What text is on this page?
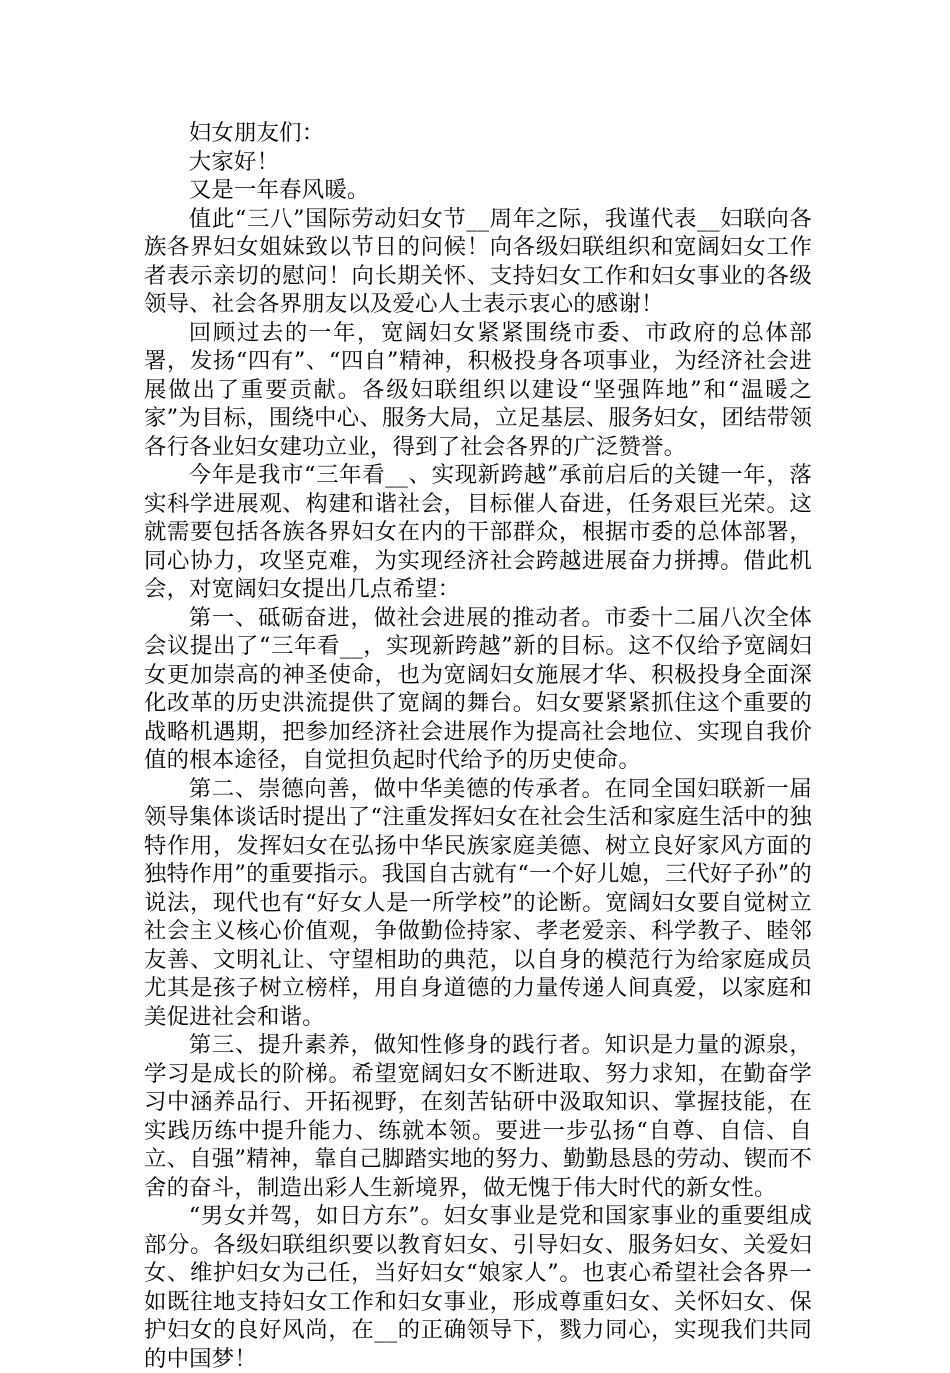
妇女朋友们：

大家好！

又是一年春风暖。

值此“三八”国际劳动妇女节__周年之际，我谨代表__妇联向各族各界妇女姐妹致以节日的问候！向各级妇联组织和宽阔妇女工作者表示亲切的慰问！向长期关怀、支持妇女工作和妇女事业的各级领导、社会各界朋友以及爱心人士表示衷心的感谢！

回顾过去的一年，宽阔妇女紧紧围绕市委、市政府的总体部署，发扬“四有”、“四自”精神，积极投身各项事业，为经济社会进展做出了重要贡献。各级妇联组织以建设“坚强阵地”和“温暖之家”为目标，围绕中心、服务大局，立足基层、服务妇女，团结带领各行各业妇女建功立业，得到了社会各界的广泛赞誉。

今年是我市“三年看__、实现新跨越”承前启后的关键一年，落实科学进展观、构建和谐社会，目标催人奋进，任务艰巨光荣。这就需要包括各族各界妇女在内的干部群众，根据市委的总体部署，同心协力，攻坚克难，为实现经济社会跨越进展奋力拼搏。借此机会，对宽阔妇女提出几点希望：

第一、砥砺奋进，做社会进展的推动者。市委十二届八次全体会议提出了“三年看__，实现新跨越”新的目标。这不仅给予宽阔妇女更加崇高的神圣使命，也为宽阔妇女施展才华、积极投身全面深化改革的历史洪流提供了宽阔的舞台。妇女要紧紧抓住这个重要的战略机遇期，把参加经济社会进展作为提高社会地位、实现自我价值的根本途径，自觉担负起时代给予的历史使命。

第二、崇德向善，做中华美德的传承者。在同全国妇联新一届领导集体谈话时提出了“注重发挥妇女在社会生活和家庭生活中的独特作用，发挥妇女在弘扬中华民族家庭美德、树立良好家风方面的独特作用”的重要指示。我国自古就有“一个好儿媳，三代好子孙”的说法，现代也有“好女人是一所学校”的论断。宽阔妇女要自觉树立社会主义核心价值观，争做勤俭持家、孝老爱亲、科学教子、睦邻友善、文明礼让、守望相助的典范，以自身的模范行为给家庭成员尤其是孩子树立榜样，用自身道德的力量传递人间真爱，以家庭和美促进社会和谐。

第三、提升素养，做知性修身的践行者。知识是力量的源泉，学习是成长的阶梯。希望宽阔妇女不断进取、努力求知，在勤奋学习中涵养品行、开拓视野，在刻苦钻研中汲取知识、掌握技能，在实践历练中提升能力、练就本领。要进一步弘扬“自尊、自信、自立、自强”精神，靠自己脚踏实地的努力、勤勤恳恳的劳动、锲而不舍的奋斗，制造出彩人生新境界，做无愧于伟大时代的新女性。

“男女并驾，如日方东”。妇女事业是党和国家事业的重要组成部分。各级妇联组织要以教育妇女、引导妇女、服务妇女、关爱妇女、维护妇女为己任，当好妇女“娘家人”。也衷心希望社会各界一如既往地支持妇女工作和妇女事业，形成尊重妇女、关怀妇女、保护妇女的良好风尚，在__的正确领导下，戮力同心，实现我们共同的中国梦！
